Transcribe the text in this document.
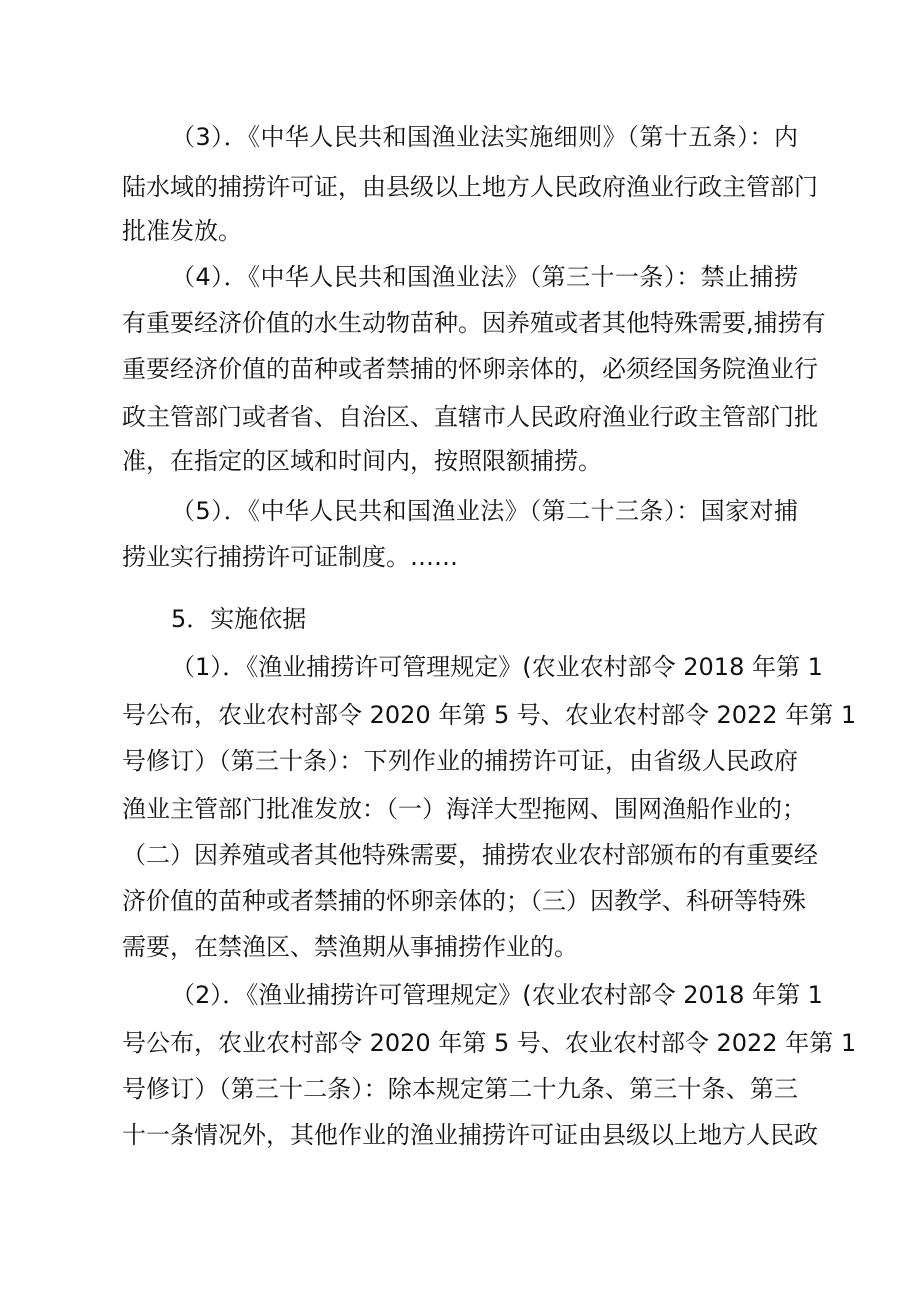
（3）．《中华人民共和国渔业法实施细则》（第十五条）：内
陆水域的捕捞许可证，由县级以上地方人民政府渔业行政主管部门
批准发放。
（4）．《中华人民共和国渔业法》（第三十一条）：禁止捕捞
有重要经济价值的水生动物苗种。因养殖或者其他特殊需要,捕捞有
重要经济价值的苗种或者禁捕的怀卵亲体的，必须经国务院渔业行
政主管部门或者省、自治区、直辖市人民政府渔业行政主管部门批
准，在指定的区域和时间内，按照限额捕捞。
（5）．《中华人民共和国渔业法》（第二十三条）：国家对捕
捞业实行捕捞许可证制度。……
5．实施依据
（1）．《渔业捕捞许可管理规定》(农业农村部令 2018 年第 1
号公布，农业农村部令 2020 年第 5 号、农业农村部令 2022 年第 1
号修订）（第三十条）：下列作业的捕捞许可证，由省级人民政府
渔业主管部门批准发放：（一）海洋大型拖网、围网渔船作业的；
（二）因养殖或者其他特殊需要，捕捞农业农村部颁布的有重要经
济价值的苗种或者禁捕的怀卵亲体的；（三）因教学、科研等特殊
需要，在禁渔区、禁渔期从事捕捞作业的。
（2）．《渔业捕捞许可管理规定》(农业农村部令 2018 年第 1
号公布，农业农村部令 2020 年第 5 号、农业农村部令 2022 年第 1
号修订）（第三十二条）：除本规定第二十九条、第三十条、第三
十一条情况外，其他作业的渔业捕捞许可证由县级以上地方人民政
